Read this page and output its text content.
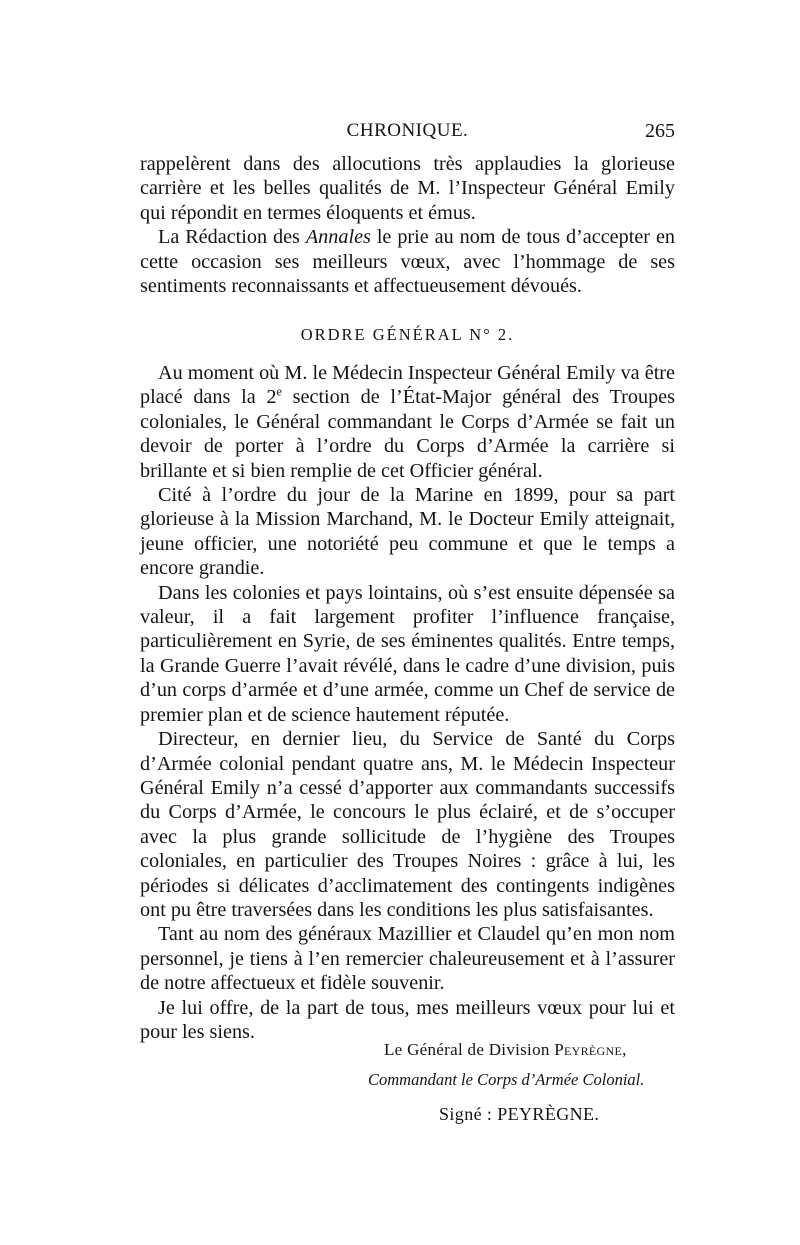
CHRONIQUE.	265

rappelèrent dans des allocutions très applaudies la glorieuse carrière et les belles qualités de M. l’Inspecteur Général Emily qui répondit en termes éloquents et émus.

La Rédaction des Annales le prie au nom de tous d’accepter en cette occasion ses meilleurs vœux, avec l’hommage de ses sentiments reconnaissants et affectueusement dévoués.

ORDRE GÉNÉRAL N° 2.

Au moment où M. le Médecin Inspecteur Général Emily va être placé dans la 2e section de l’État-Major général des Troupes coloniales, le Général commandant le Corps d’Armée se fait un devoir de porter à l’ordre du Corps d’Armée la carrière si brillante et si bien remplie de cet Officier général.

Cité à l’ordre du jour de la Marine en 1899, pour sa part glorieuse à la Mission Marchand, M. le Docteur Emily atteignait, jeune officier, une notoriété peu commune et que le temps a encore grandie.

Dans les colonies et pays lointains, où s’est ensuite dépensée sa valeur, il a fait largement profiter l’influence française, particulièrement en Syrie, de ses éminentes qualités. Entre temps, la Grande Guerre l’avait révélé, dans le cadre d’une division, puis d’un corps d’armée et d’une armée, comme un Chef de service de premier plan et de science hautement réputée.

Directeur, en dernier lieu, du Service de Santé du Corps d’Armée colonial pendant quatre ans, M. le Médecin Inspecteur Général Emily n’a cessé d’apporter aux commandants successifs du Corps d’Armée, le concours le plus éclairé, et de s’occuper avec la plus grande sollicitude de l’hygiène des Troupes coloniales, en particulier des Troupes Noires : grâce à lui, les périodes si délicates d’acclimatement des contingents indigènes ont pu être traversées dans les conditions les plus satisfaisantes.

Tant au nom des généraux Mazillier et Claudel qu’en mon nom personnel, je tiens à l’en remercier chaleureusement et à l’assurer de notre affectueux et fidèle souvenir.

Je lui offre, de la part de tous, mes meilleurs vœux pour lui et pour les siens.

Le Général de Division Peyrègne,
Commandant le Corps d’Armée Colonial.
Signé : PEYRÈGNE.
